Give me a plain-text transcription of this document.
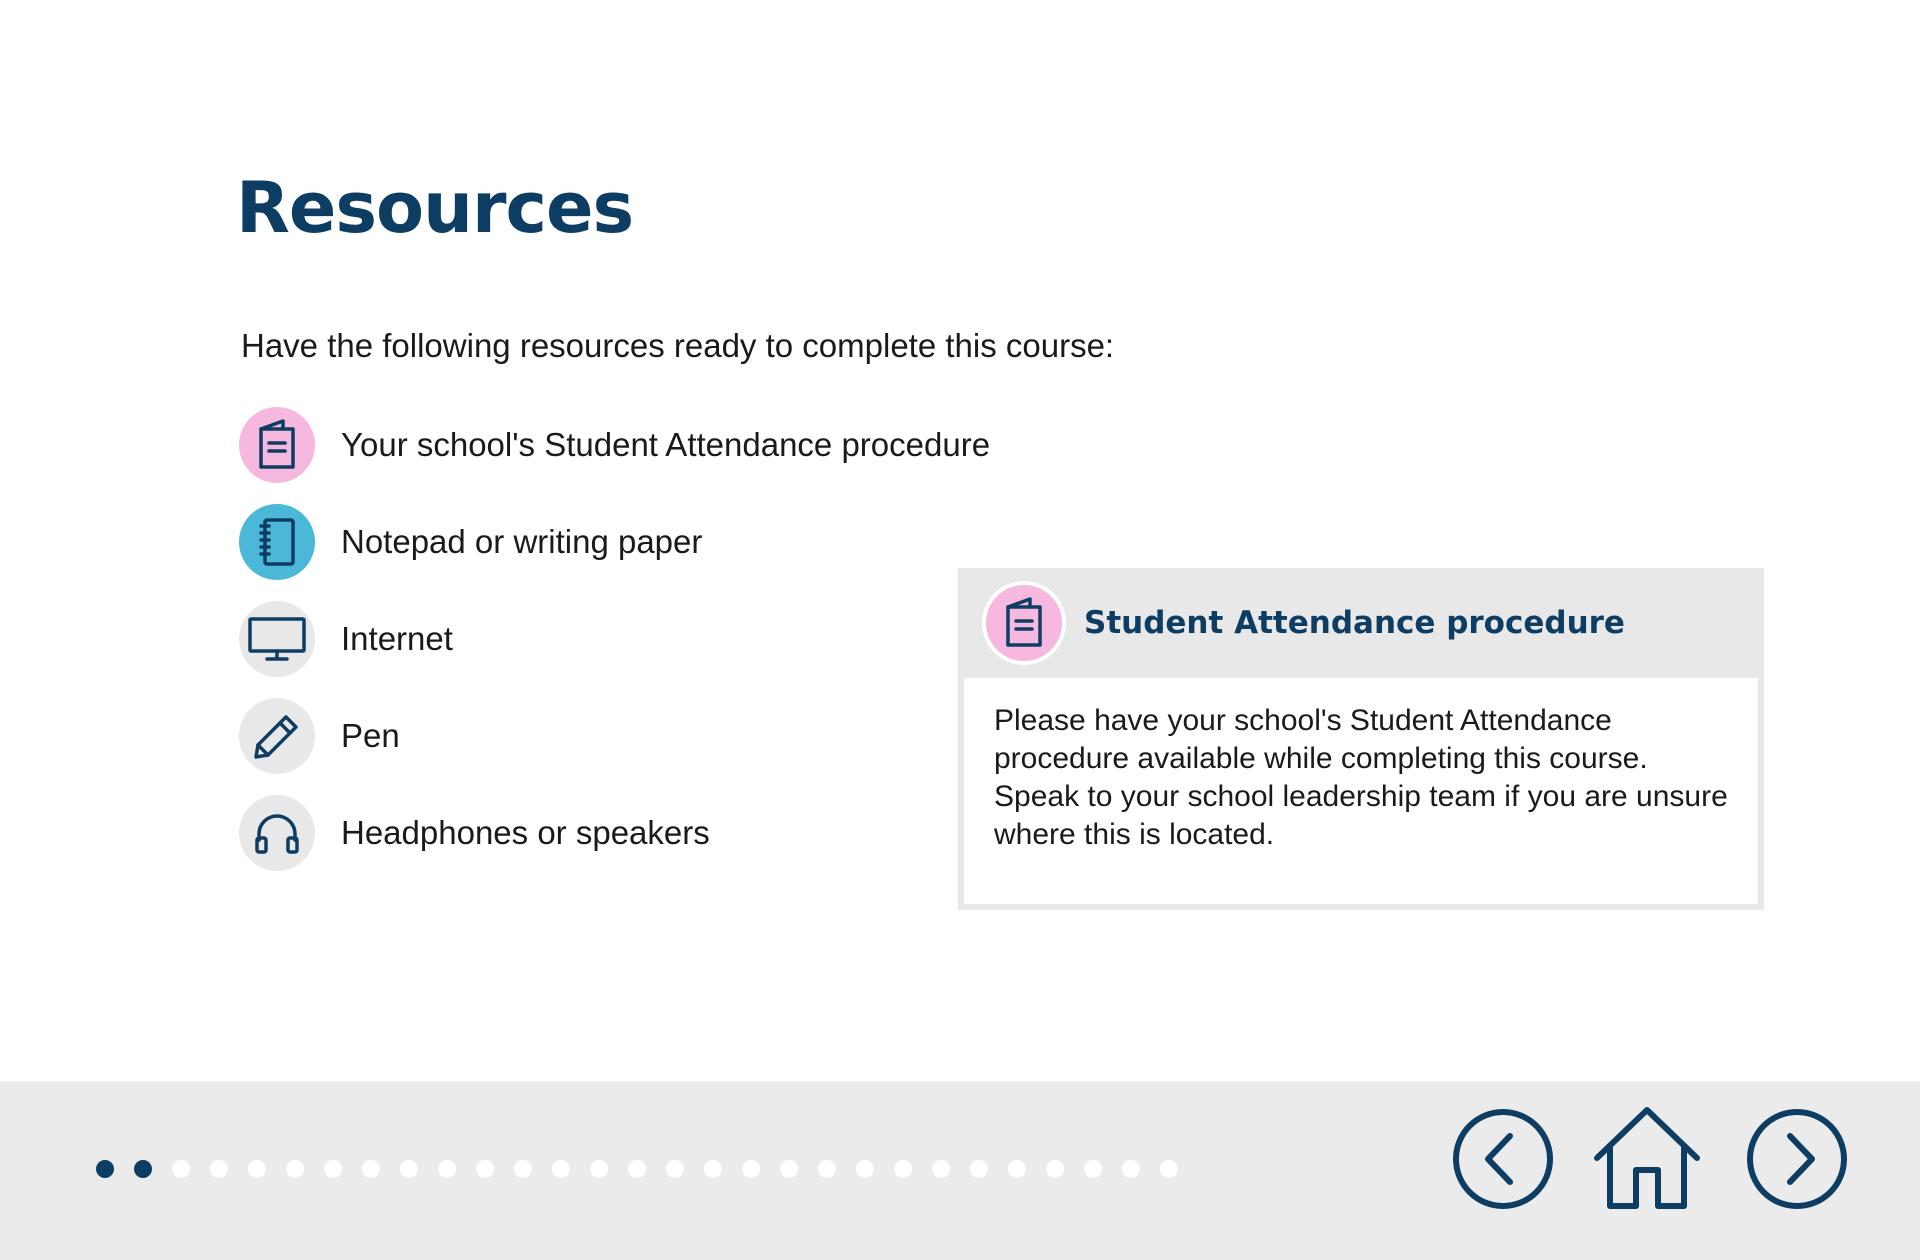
Resources
Have the following resources ready to complete this course:
Your school's Student Attendance procedure
Notepad or writing paper
Internet
Pen
Headphones or speakers
Student Attendance procedure
Please have your school's Student Attendance procedure available while completing this course. Speak to your school leadership team if you are unsure where this is located.
